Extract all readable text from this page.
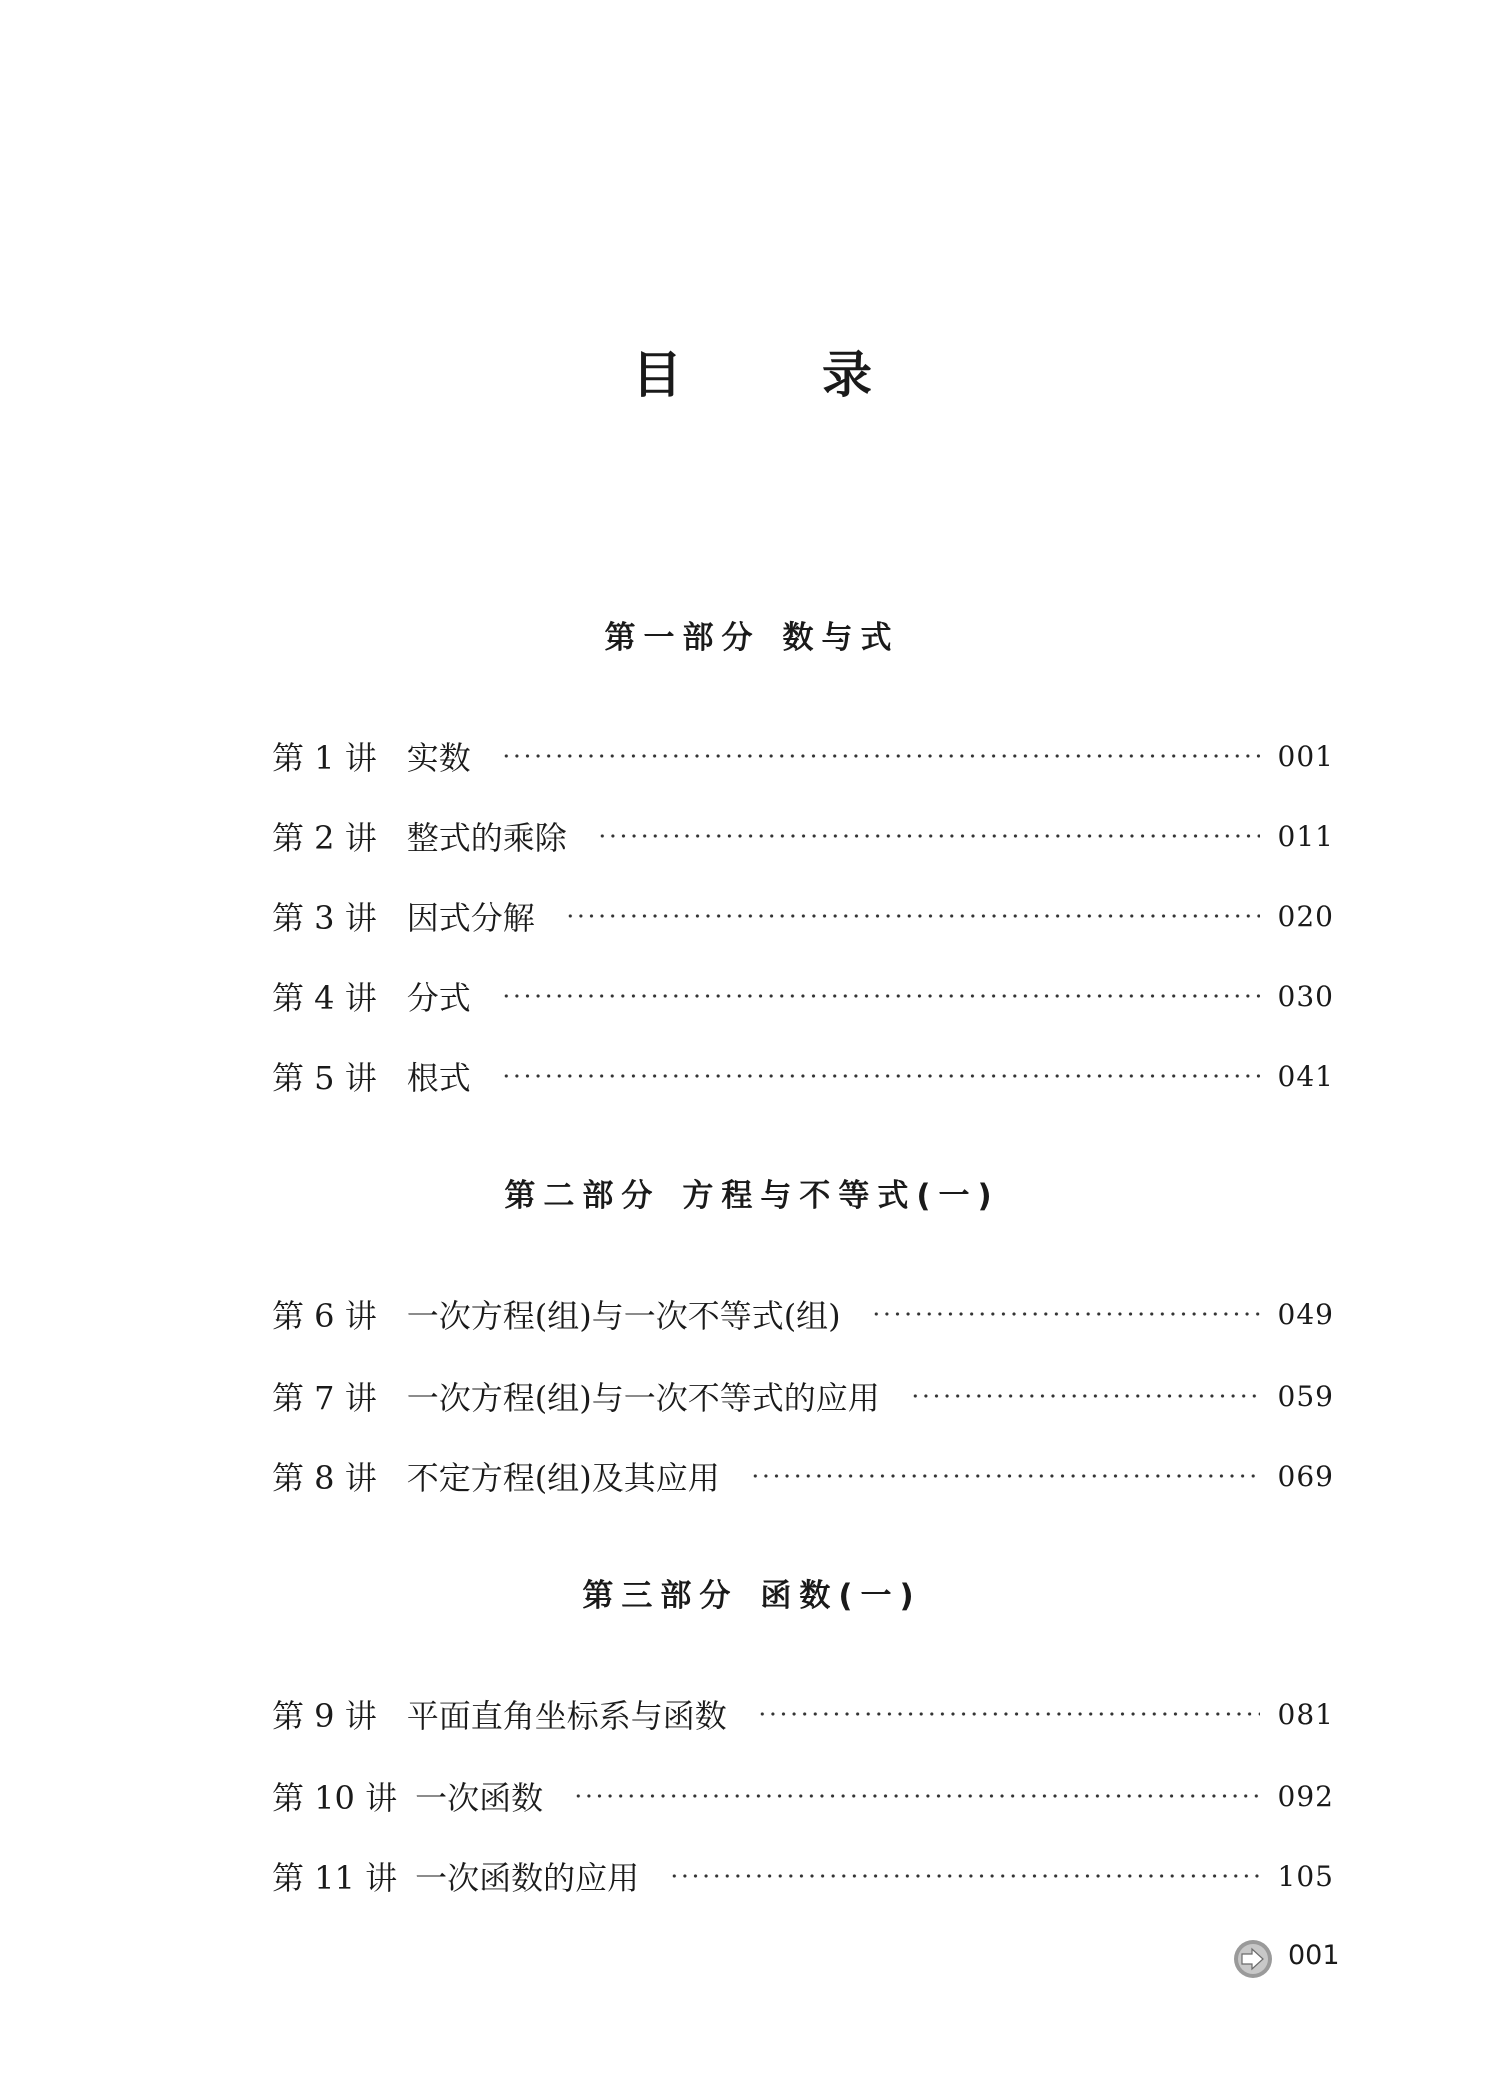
目	录
第一部分 数与式
第 1 讲 实数	001
第 2 讲 整式的乘除	011
第 3 讲 因式分解	020
第 4 讲 分式	030
第 5 讲 根式	041
第二部分 方程与不等式(一)
第 6 讲 一次方程(组)与一次不等式(组)	049
第 7 讲 一次方程(组)与一次不等式的应用	059
第 8 讲 不定方程(组)及其应用	069
第三部分 函数(一)
第 9 讲 平面直角坐标系与函数	081
第 10 讲 一次函数	092
第 11 讲 一次函数的应用	105
001
